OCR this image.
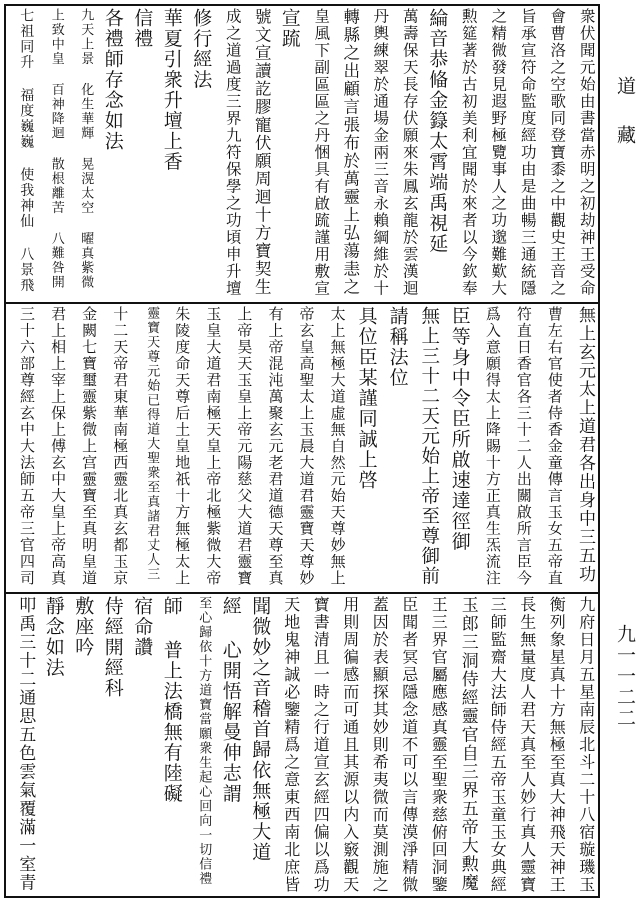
道 藏
九一一二二
衆伏聞元始由書當赤明之初劫神王受命
會曹洛之空歌同登寶黍之中觀史王音之
旨承宣符命監度經功由是曲暢三通統隱
之精微發見遐野極覽事人之功邈難歎大
勲筵著於古初美利宜聞於來者以今欽奉
綸音恭偹金籙太霄端禹視延
萬壽保天長存伏願來朱鳳玄龍於雲漢迴
丹輿練翠於通場金兩三音永賴綱維於十
轉縣之出顧言張布於萬靈上弘蕩恚之
皇風下副區區之丹悃具有啟䟽謹用敷宣
宣䟽
號文宣讀訖膠寵伏願周迴十方寶契生
成之道過度三界九符保學之功頃申升壇
修行經法
華夏引衆升壇上香
信禮
各禮師存念如法
九天上景 化生華輝 晃滉太空 曜真紫微
上致中皇 百神降迴 散根離苦 八難咎開
七祖同升 福度巍巍 使我神仙 八景飛
無上玄元太上道君各出身中三五功
曹左右官使者侍香金童傳言玉女五帝直
符直日香官各三十二人出關啟所言臣今
爲入意願得太上降賜十方正真生炁流注
臣等身中令臣所啟速達徑御
無上三十二天元始上帝至尊御前
請稱法位
具位臣某謹同誠上啓
太上無極大道虛無自然元始天尊妙無上
帝玄皇高聖太上玉晨大道君靈寶天尊妙
有上帝混沌萬聚玄元老君道德天尊至真
上帝昊天玉皇上帝元陽慈父大道君靈寶
玉皇大道君南極天皇上帝北極紫微大帝
朱陵度命天尊后土皇地祇十方無極太上
靈寶天尊元始已得道大聖衆至真諸君丈人三
十二天帝君東華南極西靈北真玄都玉京
金闕七寶璽靈紫微上宫靈寶至真明皇道
君上相上宰上保上傅玄中大皇上帝高真
三十六部尊經玄中大法師五帝三官四司
九府日月五星南辰北斗二十八宿璇璣玉
衡列象星真十方無極至真大神飛天神王
長生無量度人君天真至人妙行真人靈寶
三師監齋大法師侍經五帝玉童玉女典經
玉郎三洞侍經靈官自三界五帝大勲魔
王三界官屬應感真靈至聖衆慈俯回洞鑒
臣聞者冥忌隱念道不可以言傳漠淨精微
蓋因於表顯探其妙則希夷微而莫測施之
用則周徧感而可通且其源以内入竅觀天
寶書清且一時之行道宣玄經四偏以爲功
天地鬼神誠必鑒精爲之意東西南北庶皆
聞微妙之音稽首歸依無極大道
經 心開悟解曼伸志謂
至心歸依十方道寶當願衆生起心回向一切信禮
師 普上法橋無有陸礙
宿命讚
侍經開經科
敷座吟
靜念如法
叩禹三十二通思五色雲氣覆滿一室青
